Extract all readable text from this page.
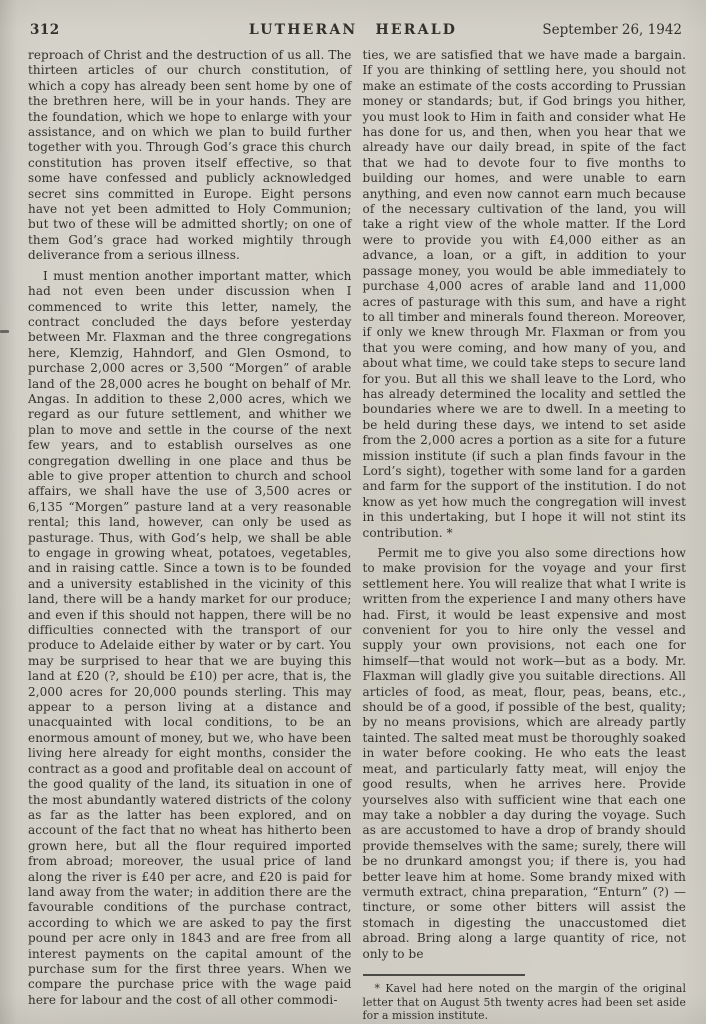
312	LUTHERAN HERALD	September 26, 1942

reproach of Christ and the destruction of us all. The thirteen articles of our church constitution, of which a copy has already been sent home by one of the brethren here, will be in your hands. They are the foundation, which we hope to enlarge with your assistance, and on which we plan to build further together with you. Through God’s grace this church constitution has proven itself effective, so that some have confessed and publicly acknowledged secret sins committed in Europe. Eight persons have not yet been admitted to Holy Communion; but two of these will be admitted shortly; on one of them God’s grace had worked mightily through deliverance from a serious illness.

I must mention another important matter, which had not even been under discussion when I commenced to write this letter, namely, the contract concluded the days before yesterday between Mr. Flaxman and the three congregations here, Klemzig, Hahndorf, and Glen Osmond, to purchase 2,000 acres or 3,500 “Morgen” of arable land of the 28,000 acres he bought on behalf of Mr. Angas. In addition to these 2,000 acres, which we regard as our future settlement, and whither we plan to move and settle in the course of the next few years, and to establish ourselves as one congregation dwelling in one place and thus be able to give proper attention to church and school affairs, we shall have the use of 3,500 acres or 6,135 “Morgen” pasture land at a very reasonable rental; this land, however, can only be used as pasturage. Thus, with God’s help, we shall be able to engage in growing wheat, potatoes, vegetables, and in raising cattle. Since a town is to be founded and a university established in the vicinity of this land, there will be a handy market for our produce; and even if this should not happen, there will be no difficulties connected with the transport of our produce to Adelaide either by water or by cart. You may be surprised to hear that we are buying this land at £20 (?, should be £10) per acre, that is, the 2,000 acres for 20,000 pounds sterling. This may appear to a person living at a distance and unacquainted with local conditions, to be an enormous amount of money, but we, who have been living here already for eight months, consider the contract as a good and profitable deal on account of the good quality of the land, its situation in one of the most abundantly watered districts of the colony as far as the latter has been explored, and on account of the fact that no wheat has hitherto been grown here, but all the flour required imported from abroad; moreover, the usual price of land along the river is £40 per acre, and £20 is paid for land away from the water; in addition there are the favourable conditions of the purchase contract, according to which we are asked to pay the first pound per acre only in 1843 and are free from all interest payments on the capital amount of the purchase sum for the first three years. When we compare the purchase price with the wage paid here for labour and the cost of all other commodi-

ties, we are satisfied that we have made a bargain. If you are thinking of settling here, you should not make an estimate of the costs according to Prussian money or standards; but, if God brings you hither, you must look to Him in faith and consider what He has done for us, and then, when you hear that we already have our daily bread, in spite of the fact that we had to devote four to five months to building our homes, and were unable to earn anything, and even now cannot earn much because of the necessary cultivation of the land, you will take a right view of the whole matter. If the Lord were to provide you with £4,000 either as an advance, a loan, or a gift, in addition to your passage money, you would be able immediately to purchase 4,000 acres of arable land and 11,000 acres of pasturage with this sum, and have a right to all timber and minerals found thereon. Moreover, if only we knew through Mr. Flaxman or from you that you were coming, and how many of you, and about what time, we could take steps to secure land for you. But all this we shall leave to the Lord, who has already determined the locality and settled the boundaries where we are to dwell. In a meeting to be held during these days, we intend to set aside from the 2,000 acres a portion as a site for a future mission institute (if such a plan finds favour in the Lord’s sight), together with some land for a garden and farm for the support of the institution. I do not know as yet how much the congregation will invest in this undertaking, but I hope it will not stint its contribution. *

Permit me to give you also some directions how to make provision for the voyage and your first settlement here. You will realize that what I write is written from the experience I and many others have had. First, it would be least expensive and most convenient for you to hire only the vessel and supply your own provisions, not each one for himself—that would not work—but as a body. Mr. Flaxman will gladly give you suitable directions. All articles of food, as meat, flour, peas, beans, etc., should be of a good, if possible of the best, quality; by no means provisions, which are already partly tainted. The salted meat must be thoroughly soaked in water before cooking. He who eats the least meat, and particularly fatty meat, will enjoy the good results, when he arrives here. Provide yourselves also with sufficient wine that each one may take a nobbler a day during the voyage. Such as are accustomed to have a drop of brandy should provide themselves with the same; surely, there will be no drunkard amongst you; if there is, you had better leave him at home. Some brandy mixed with vermuth extract, china preparation, “Enturn” (?) —tincture, or some other bitters will assist the stomach in digesting the unaccustomed diet abroad. Bring along a large quantity of rice, not only to be

* Kavel had here noted on the margin of the original letter that on August 5th twenty acres had been set aside for a mission institute.
